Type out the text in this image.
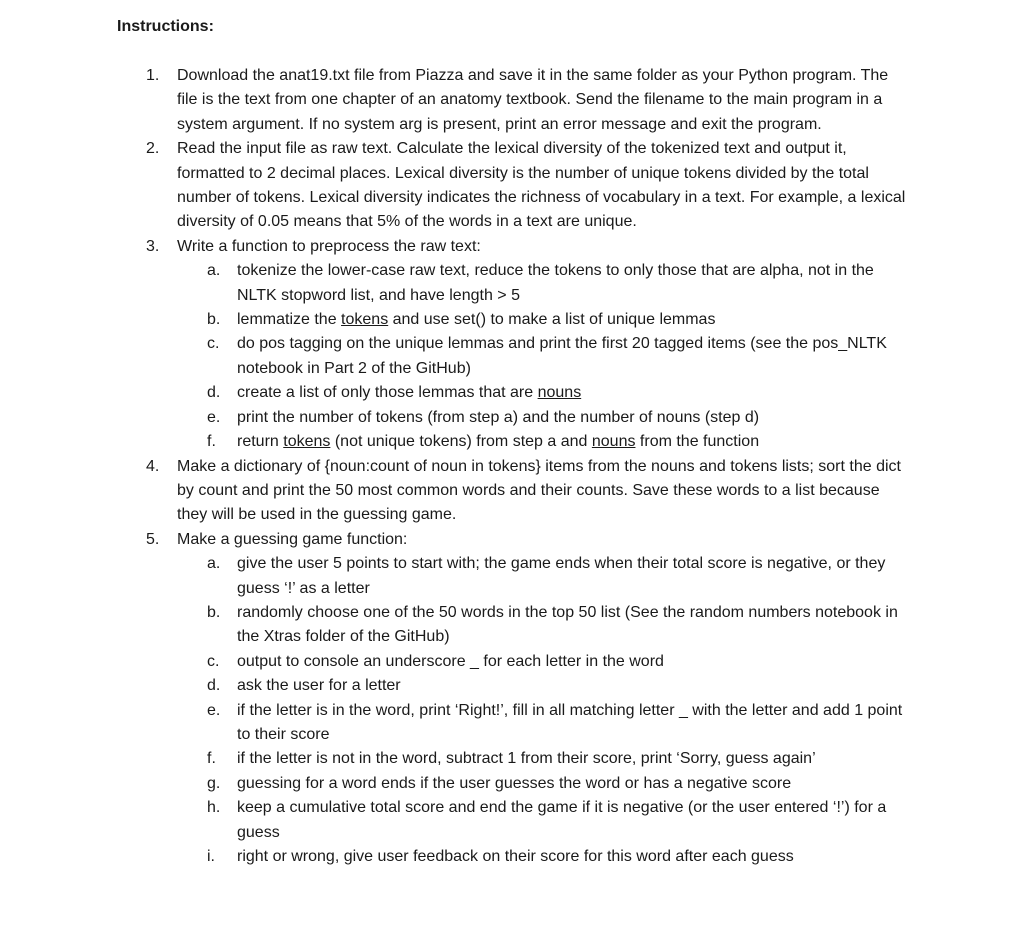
Instructions:
1.	Download the anat19.txt file from Piazza and save it in the same folder as your Python program. The file is the text from one chapter of an anatomy textbook. Send the filename to the main program in a system argument. If no system arg is present, print an error message and exit the program.
2.	Read the input file as raw text. Calculate the lexical diversity of the tokenized text and output it, formatted to 2 decimal places. Lexical diversity is the number of unique tokens divided by the total number of tokens. Lexical diversity indicates the richness of vocabulary in a text. For example, a lexical diversity of 0.05 means that 5% of the words in a text are unique.
3.	Write a function to preprocess the raw text:
a.	tokenize the lower-case raw text, reduce the tokens to only those that are alpha, not in the NLTK stopword list, and have length > 5
b.	lemmatize the tokens and use set() to make a list of unique lemmas
c.	do pos tagging on the unique lemmas and print the first 20 tagged items (see the pos_NLTK notebook in Part 2 of the GitHub)
d.	create a list of only those lemmas that are nouns
e.	print the number of tokens (from step a) and the number of nouns (step d)
f.	return tokens (not unique tokens) from step a and nouns from the function
4.	Make a dictionary of {noun:count of noun in tokens} items from the nouns and tokens lists; sort the dict by count and print the 50 most common words and their counts. Save these words to a list because they will be used in the guessing game.
5.	Make a guessing game function:
a.	give the user 5 points to start with; the game ends when their total score is negative, or they guess ‘!’ as a letter
b.	randomly choose one of the 50 words in the top 50 list (See the random numbers notebook in the Xtras folder of the GitHub)
c.	output to console an underscore _ for each letter in the word
d.	ask the user for a letter
e.	if the letter is in the word, print ‘Right!’, fill in all matching letter _ with the letter and add 1 point to their score
f.	if the letter is not in the word, subtract 1 from their score, print ‘Sorry, guess again’
g.	guessing for a word ends if the user guesses the word or has a negative score
h.	keep a cumulative total score and end the game if it is negative (or the user entered ‘!’) for a guess
i.	right or wrong, give user feedback on their score for this word after each guess
